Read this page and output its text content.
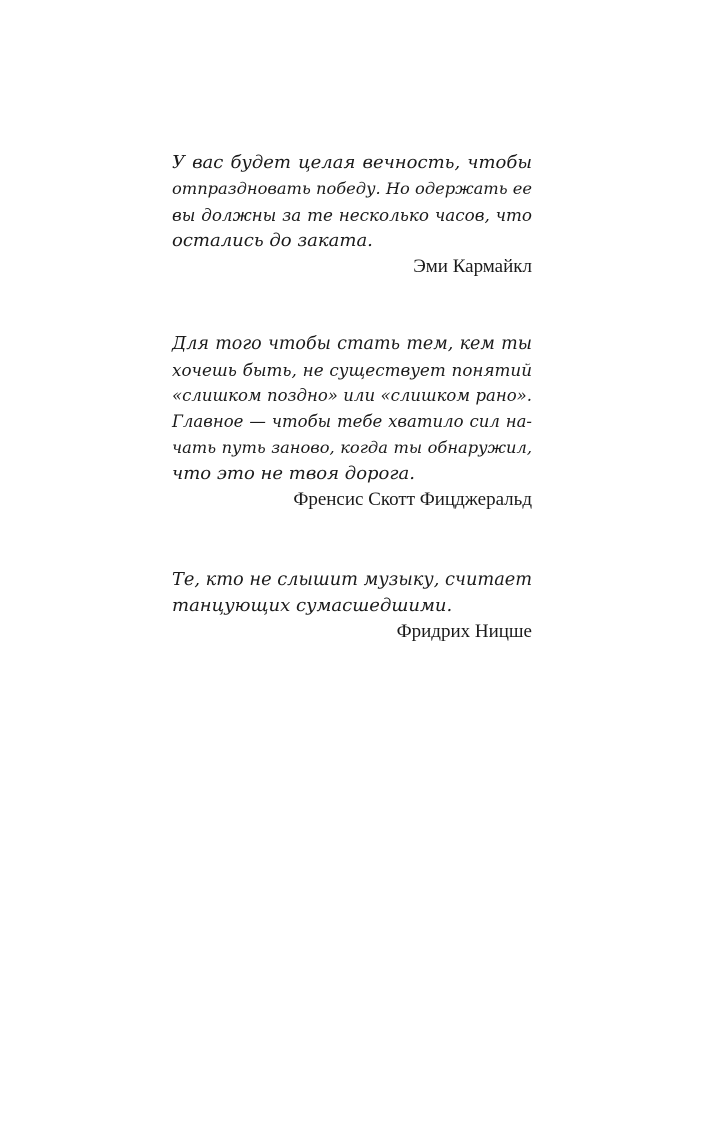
У вас будет целая вечность, чтобы
отпраздновать победу. Но одержать ее
вы должны за те несколько часов, что
остались до заката.
Эми Кармайкл
Для того чтобы стать тем, кем ты
хочешь быть, не существует понятий
«слишком поздно» или «слишком рано».
Главное — чтобы тебе хватило сил на-
чать путь заново, когда ты обнаружил,
что это не твоя дорога.
Френсис Скотт Фицджеральд
Те, кто не слышит музыку, считает
танцующих сумасшедшими.
Фридрих Ницше
